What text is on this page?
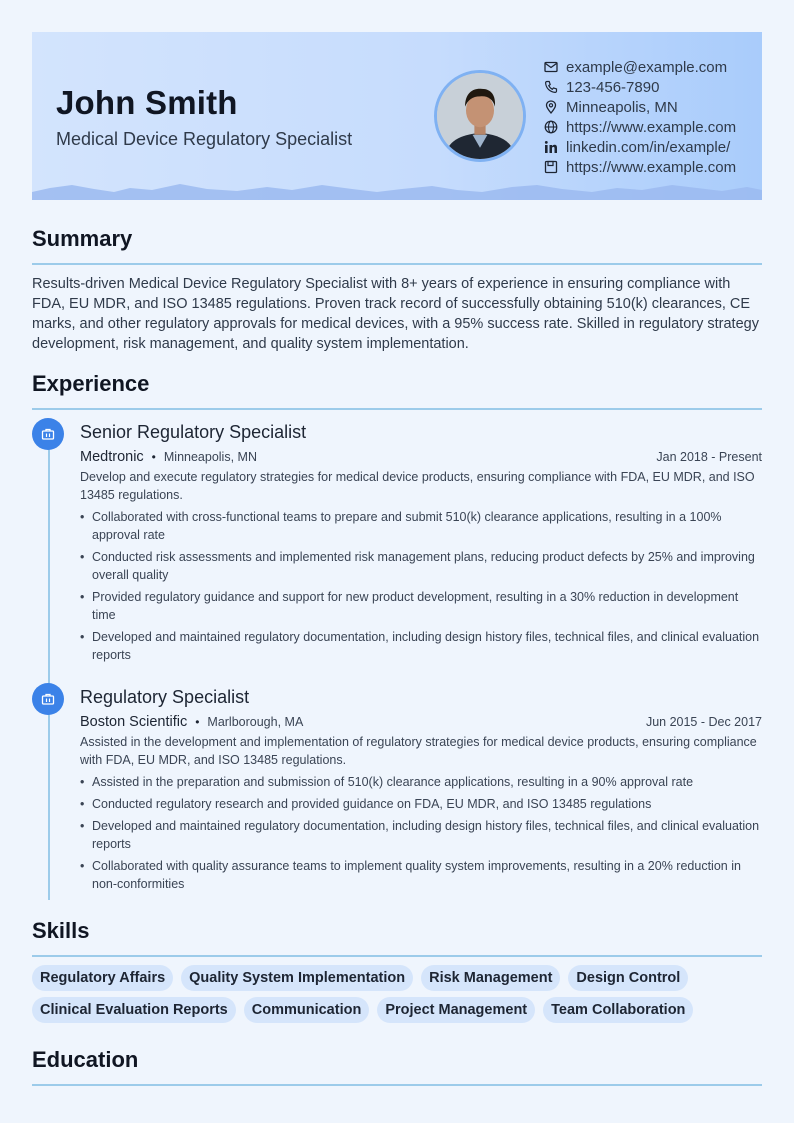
John Smith
Medical Device Regulatory Specialist
example@example.com
123-456-7890
Minneapolis, MN
https://www.example.com
linkedin.com/in/example/
https://www.example.com
Summary
Results-driven Medical Device Regulatory Specialist with 8+ years of experience in ensuring compliance with FDA, EU MDR, and ISO 13485 regulations. Proven track record of successfully obtaining 510(k) clearances, CE marks, and other regulatory approvals for medical devices, with a 95% success rate. Skilled in regulatory strategy development, risk management, and quality system implementation.
Experience
Senior Regulatory Specialist
Medtronic • Minneapolis, MN	Jan 2018 - Present
Develop and execute regulatory strategies for medical device products, ensuring compliance with FDA, EU MDR, and ISO 13485 regulations.
• Collaborated with cross-functional teams to prepare and submit 510(k) clearance applications, resulting in a 100% approval rate
• Conducted risk assessments and implemented risk management plans, reducing product defects by 25% and improving overall quality
• Provided regulatory guidance and support for new product development, resulting in a 30% reduction in development time
• Developed and maintained regulatory documentation, including design history files, technical files, and clinical evaluation reports
Regulatory Specialist
Boston Scientific • Marlborough, MA	Jun 2015 - Dec 2017
Assisted in the development and implementation of regulatory strategies for medical device products, ensuring compliance with FDA, EU MDR, and ISO 13485 regulations.
• Assisted in the preparation and submission of 510(k) clearance applications, resulting in a 90% approval rate
• Conducted regulatory research and provided guidance on FDA, EU MDR, and ISO 13485 regulations
• Developed and maintained regulatory documentation, including design history files, technical files, and clinical evaluation reports
• Collaborated with quality assurance teams to implement quality system improvements, resulting in a 20% reduction in non-conformities
Skills
Regulatory Affairs	Quality System Implementation	Risk Management	Design Control
Clinical Evaluation Reports	Communication	Project Management	Team Collaboration
Education
